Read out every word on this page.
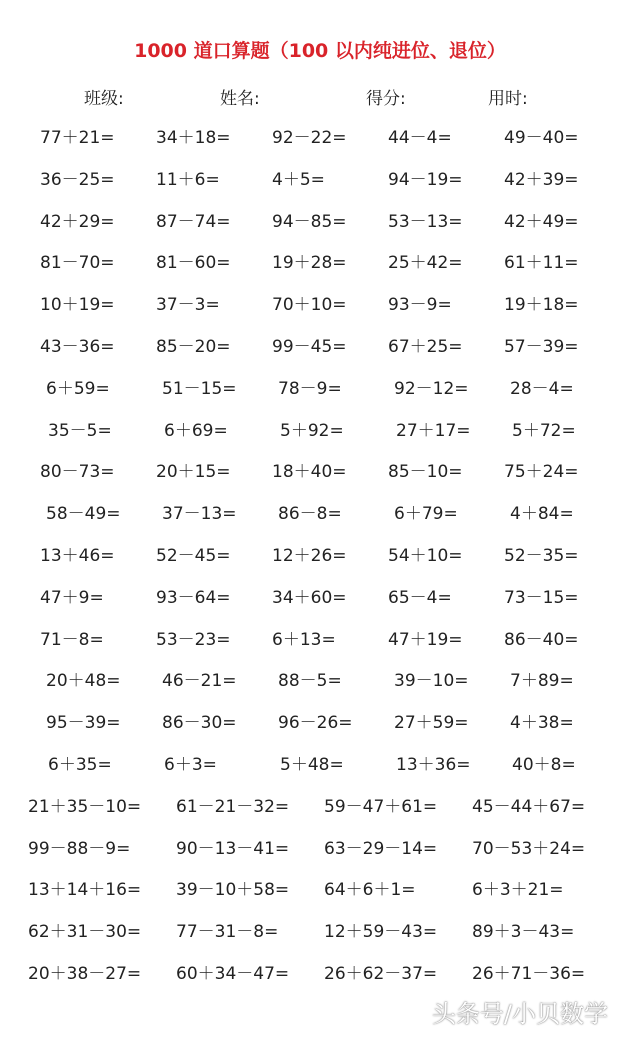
1000 道口算题（100 以内纯进位、退位）
班级:	姓名:	得分:	用时:
77＋21= 34＋18= 92－22= 44－4=	49－40=
36－25= 11＋6=	4＋5=	94－19= 42＋39=
42＋29= 87－74= 94－85= 53－13= 42＋49=
81－70= 81－60= 19＋28= 25＋42= 61＋11=
10＋19= 37－3=	70＋10= 93－9=	19＋18=
43－36= 85－20= 99－45= 67＋25= 57－39=
6＋59=	51－15= 78－9=	92－12= 28－4=
35－5=	6＋69=	5＋92=	27＋17= 5＋72=
80－73= 20＋15= 18＋40= 85－10= 75＋24=
58－49= 37－13= 86－8=	6＋79=	4＋84=
13＋46= 52－45= 12＋26= 54＋10= 52－35=
47＋9=	93－64= 34＋60= 65－4=	73－15=
71－8=	53－23= 6＋13=	47＋19= 86－40=
20＋48= 46－21= 88－5=	39－10= 7＋89=
95－39= 86－30= 96－26= 27＋59= 4＋38=
6＋35=	6＋3=	5＋48=	13＋36= 40＋8=
21＋35－10= 61－21－32= 59－47＋61= 45－44＋67=
99－88－9=	90－13－41= 63－29－14= 70－53＋24=
13＋14＋16= 39－10＋58= 64＋6＋1=	6＋3＋21=
62＋31－30= 77－31－8=	12＋59－43= 89＋3－43=
20＋38－27= 60＋34－47= 26＋62－37= 26＋71－36=
头条号/小贝数学
